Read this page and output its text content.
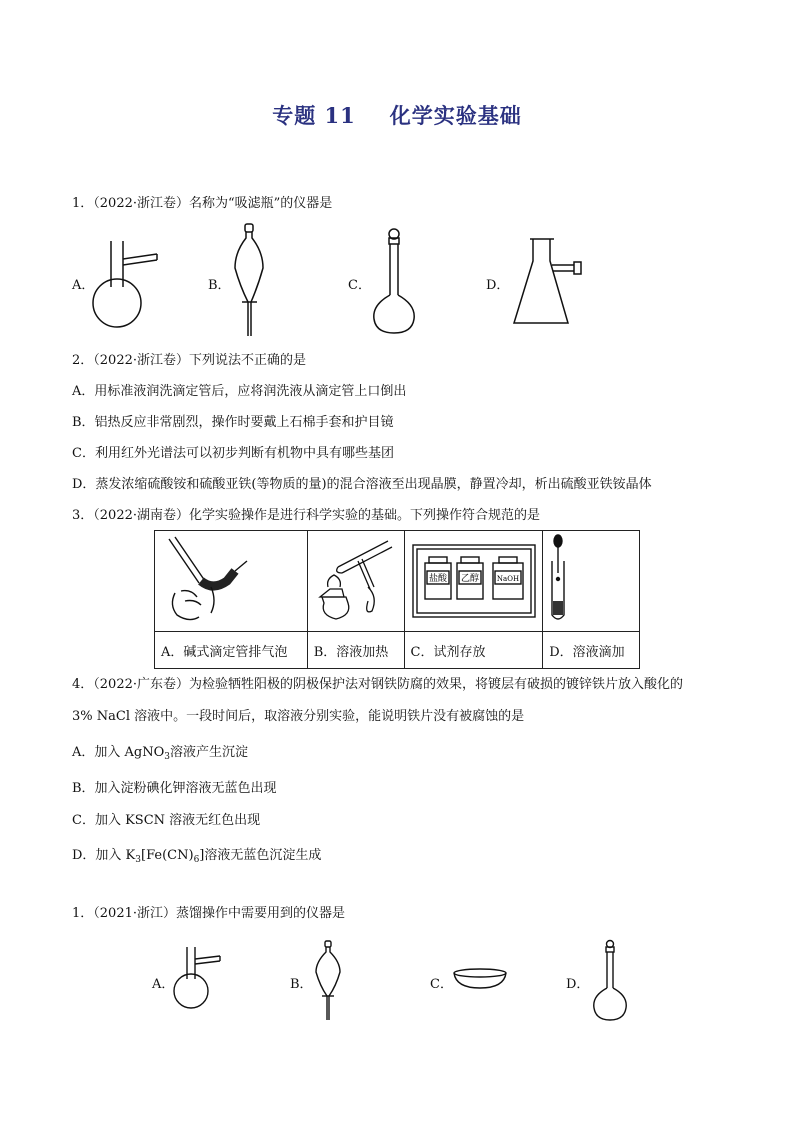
专题 11 化学实验基础
1．（2022·浙江卷）名称为“吸滤瓶”的仪器是
A．	B．	C．	D．
2．（2022·浙江卷）下列说法不正确的是
A．用标准液润洗滴定管后，应将润洗液从滴定管上口倒出
B．铝热反应非常剧烈，操作时要戴上石棉手套和护目镜
C．利用红外光谱法可以初步判断有机物中具有哪些基团
D．蒸发浓缩硫酸铵和硫酸亚铁(等物质的量)的混合溶液至出现晶膜，静置冷却，析出硫酸亚铁铵晶体
3．（2022·湖南卷）化学实验操作是进行科学实验的基础。下列操作符合规范的是

盐酸 乙醇 NaOH

A．碱式滴定管排气泡	B．溶液加热	C．试剂存放	D．溶液滴加
4．（2022·广东卷）为检验牺牲阳极的阴极保护法对钢铁防腐的效果，将镀层有破损的镀锌铁片放入酸化的
3% NaCl 溶液中。一段时间后，取溶液分别实验，能说明铁片没有被腐蚀的是
A．加入 AgNO$_3$溶液产生沉淀
B．加入淀粉碘化钾溶液无蓝色出现
C．加入 KSCN 溶液无红色出现
D．加入 $K_3[Fe(CN)_6]$溶液无蓝色沉淀生成
1．（2021·浙江）蒸馏操作中需要用到的仪器是
A．	B．	C．	D．
